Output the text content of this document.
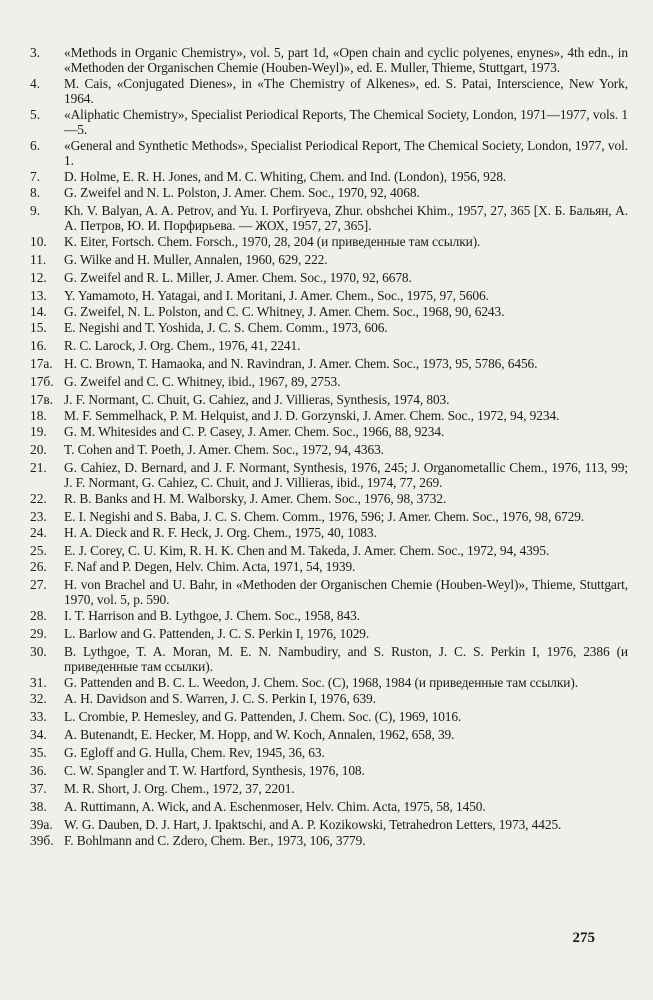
3.	«Methods in Organic Chemistry», vol. 5, part 1d, «Open chain and cyclic polyenes, enynes», 4th edn., in «Methoden der Organischen Chemie (Houben-Weyl)», ed. E. Muller, Thieme, Stuttgart, 1973.
4.	M. Cais, «Conjugated Dienes», in «The Chemistry of Alkenes», ed. S. Patai, Interscience, New York, 1964.
5.	«Aliphatic Chemistry», Specialist Periodical Reports, The Chemical Society, London, 1971—1977, vols. 1—5.
6.	«General and Synthetic Methods», Specialist Periodical Report, The Chemical Society, London, 1977, vol. 1.
7.	D. Holme, E. R. H. Jones, and M. C. Whiting, Chem. and Ind. (London), 1956, 928.
8.	G. Zweifel and N. L. Polston, J. Amer. Chem. Soc., 1970, 92, 4068.
9.	Kh. V. Balyan, A. A. Petrov, and Yu. I. Porfiryeva, Zhur. obshchei Khim., 1957, 27, 365 [X. Б. Бальян, А. А. Петров, Ю. И. Порфирьева. — ЖОХ, 1957, 27, 365].
10.	K. Eiter, Fortsch. Chem. Forsch., 1970, 28, 204 (и приведенные там ссылки).
11.	G. Wilke and H. Muller, Annalen, 1960, 629, 222.
12.	G. Zweifel and R. L. Miller, J. Amer. Chem. Soc., 1970, 92, 6678.
13.	Y. Yamamoto, H. Yatagai, and I. Moritani, J. Amer. Chem., Soc., 1975, 97, 5606.
14.	G. Zweifel, N. L. Polston, and C. C. Whitney, J. Amer. Chem. Soc., 1968, 90, 6243.
15.	E. Negishi and T. Yoshida, J. C. S. Chem. Comm., 1973, 606.
16.	R. C. Larock, J. Org. Chem., 1976, 41, 2241.
17a. H. C. Brown, T. Hamaoka, and N. Ravindran, J. Amer. Chem. Soc., 1973, 95, 5786, 6456.
17б. G. Zweifel and C. C. Whitney, ibid., 1967, 89, 2753.
17в. J. F. Normant, C. Chuit, G. Cahiez, and J. Villieras, Synthesis, 1974, 803.
18.	M. F. Semmelhack, P. M. Helquist, and J. D. Gorzynski, J. Amer. Chem. Soc., 1972, 94, 9234.
19.	G. M. Whitesides and C. P. Casey, J. Amer. Chem. Soc., 1966, 88, 9234.
20.	T. Cohen and T. Poeth, J. Amer. Chem. Soc., 1972, 94, 4363.
21.	G. Cahiez, D. Bernard, and J. F. Normant, Synthesis, 1976, 245; J. Organometallic Chem., 1976, 113, 99; J. F. Normant, G. Cahiez, C. Chuit, and J. Villieras, ibid., 1974, 77, 269.
22.	R. B. Banks and H. M. Walborsky, J. Amer. Chem. Soc., 1976, 98, 3732.
23.	E. I. Negishi and S. Baba, J. C. S. Chem. Comm., 1976, 596; J. Amer. Chem. Soc., 1976, 98, 6729.
24.	H. A. Dieck and R. F. Heck, J. Org. Chem., 1975, 40, 1083.
25.	E. J. Corey, C. U. Kim, R. H. K. Chen and M. Takeda, J. Amer. Chem. Soc., 1972, 94, 4395.
26.	F. Naf and P. Degen, Helv. Chim. Acta, 1971, 54, 1939.
27.	H. von Brachel and U. Bahr, in «Methoden der Organischen Chemie (Houben-Weyl)», Thieme, Stuttgart, 1970, vol. 5, p. 590.
28.	I. T. Harrison and B. Lythgoe, J. Chem. Soc., 1958, 843.
29.	L. Barlow and G. Pattenden, J. C. S. Perkin I, 1976, 1029.
30.	B. Lythgoe, T. A. Moran, M. E. N. Nambudiry, and S. Ruston, J. C. S. Perkin I, 1976, 2386 (и приведенные там ссылки).
31.	G. Pattenden and B. C. L. Weedon, J. Chem. Soc. (C), 1968, 1984 (и приведенные там ссылки).
32.	A. H. Davidson and S. Warren, J. C. S. Perkin I, 1976, 639.
33.	L. Crombie, P. Hemesley, and G. Pattenden, J. Chem. Soc. (C), 1969, 1016.
34.	A. Butenandt, E. Hecker, M. Hopp, and W. Koch, Annalen, 1962, 658, 39.
35.	G. Egloff and G. Hulla, Chem. Rev, 1945, 36, 63.
36.	C. W. Spangler and T. W. Hartford, Synthesis, 1976, 108.
37.	M. R. Short, J. Org. Chem., 1972, 37, 2201.
38.	A. Ruttimann, A. Wick, and A. Eschenmoser, Helv. Chim. Acta, 1975, 58, 1450.
39а. W. G. Dauben, D. J. Hart, J. Ipaktschi, and A. P. Kozikowski, Tetrahedron Letters, 1973, 4425.
39б. F. Bohlmann and C. Zdero, Chem. Ber., 1973, 106, 3779.
275
